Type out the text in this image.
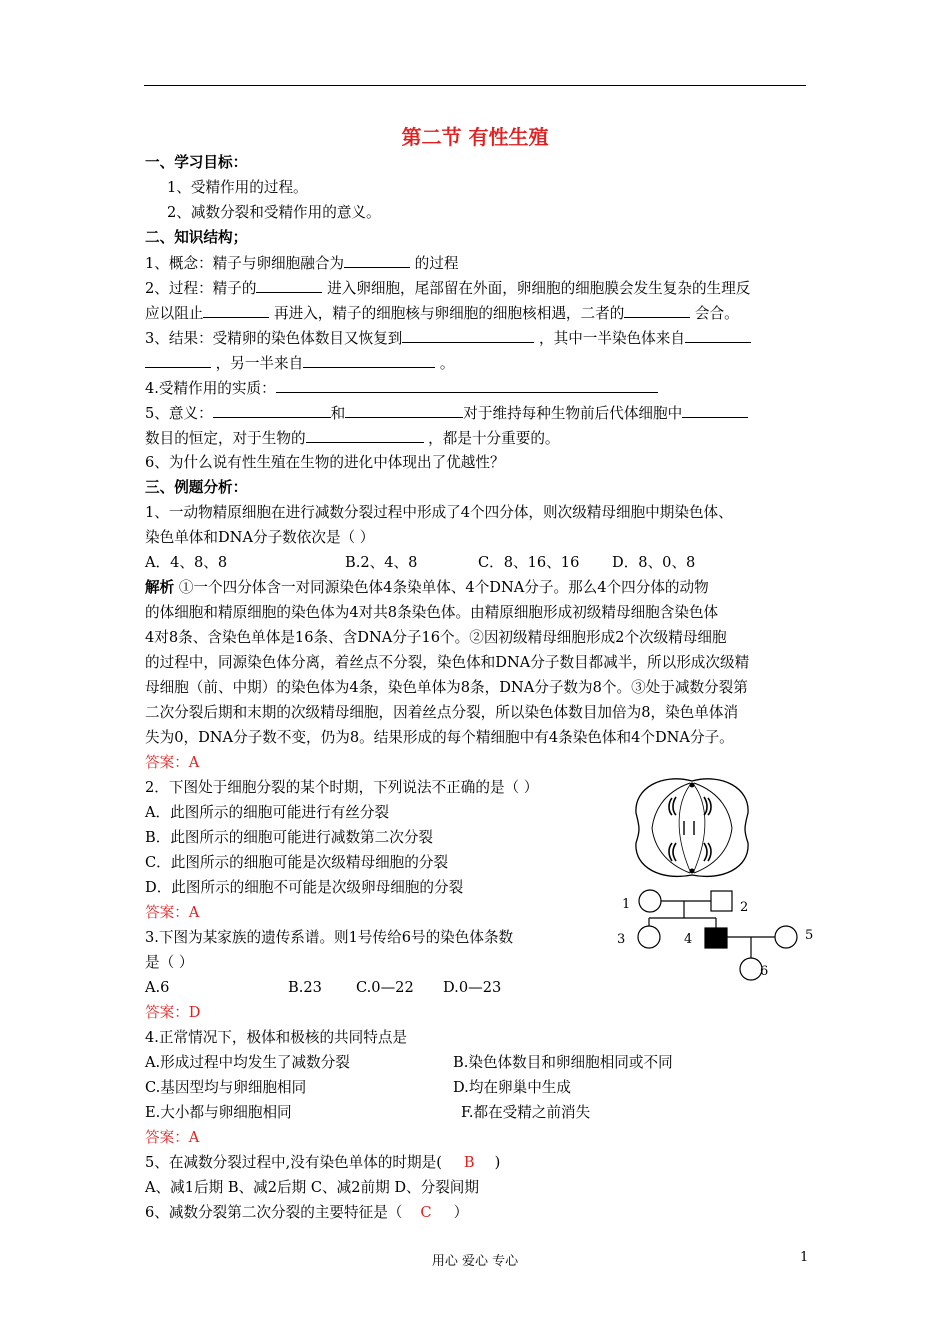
第二节 有性生殖
一、学习目标：
1、受精作用的过程。
2、减数分裂和受精作用的意义。
二、知识结构；
1、概念：精子与卵细胞融合为	的过程
2、过程：精子的	进入卵细胞，尾部留在外面，卵细胞的细胞膜会发生复杂的生理反
应以阻止	再进入，精子的细胞核与卵细胞的细胞核相遇，二者的	会合。
3、结果：受精卵的染色体数目又恢复到	，其中一半染色体来自
，另一半来自	。
4.受精作用的实质：
5、意义：	和	对于维持每种生物前后代体细胞中
数目的恒定，对于生物的	，都是十分重要的。
6、为什么说有性生殖在生物的进化中体现出了优越性？
三、例题分析：
1、一动物精原细胞在进行减数分裂过程中形成了4个四分体，则次级精母细胞中期染色体、
染色单体和DNA分子数依次是（ ）
A．4、8、8	B.2、4、8	C．8、16、16 D．8、0、8
解析 ①一个四分体含一对同源染色体4条染单体、4个DNA分子。那么4个四分体的动物
的体细胞和精原细胞的染色体为4对共8条染色体。由精原细胞形成初级精母细胞含染色体
4对8条、含染色单体是16条、含DNA分子16个。②因初级精母细胞形成2个次级精母细胞
的过程中，同源染色体分离，着丝点不分裂，染色体和DNA分子数目都减半，所以形成次级精
母细胞（前、中期）的染色体为4条，染色单体为8条，DNA分子数为8个。③处于减数分裂第
二次分裂后期和末期的次级精母细胞，因着丝点分裂，所以染色体数目加倍为8，染色单体消
失为0，DNA分子数不变，仍为8。结果形成的每个精细胞中有4条染色体和4个DNA分子。
答案：A
2．下图处于细胞分裂的某个时期，下列说法不正确的是（ ）
A．此图所示的细胞可能进行有丝分裂
B．此图所示的细胞可能进行减数第二次分裂
C．此图所示的细胞可能是次级精母细胞的分裂
D．此图所示的细胞不可能是次级卵母细胞的分裂
答案：A
3.下图为某家族的遗传系谱。则1号传给6号的染色体条数
是（ ）
A.6	B.23 C.0—22 D.0—23
答案：D
4.正常情况下，极体和极核的共同特点是
A.形成过程中均发生了减数分裂	B.染色体数目和卵细胞相同或不同
C.基因型均与卵细胞相同	D.均在卵巢中生成
E.大小都与卵细胞相同	F.都在受精之前消失
答案：A
5、在减数分裂过程中,没有染色单体的时期是( B )
A、减1后期 B、减2后期 C、减2前期 D、分裂间期
6、减数分裂第二次分裂的主要特征是（ C ）
1	2
3	4	5
6
用心 爱心 专心	1
